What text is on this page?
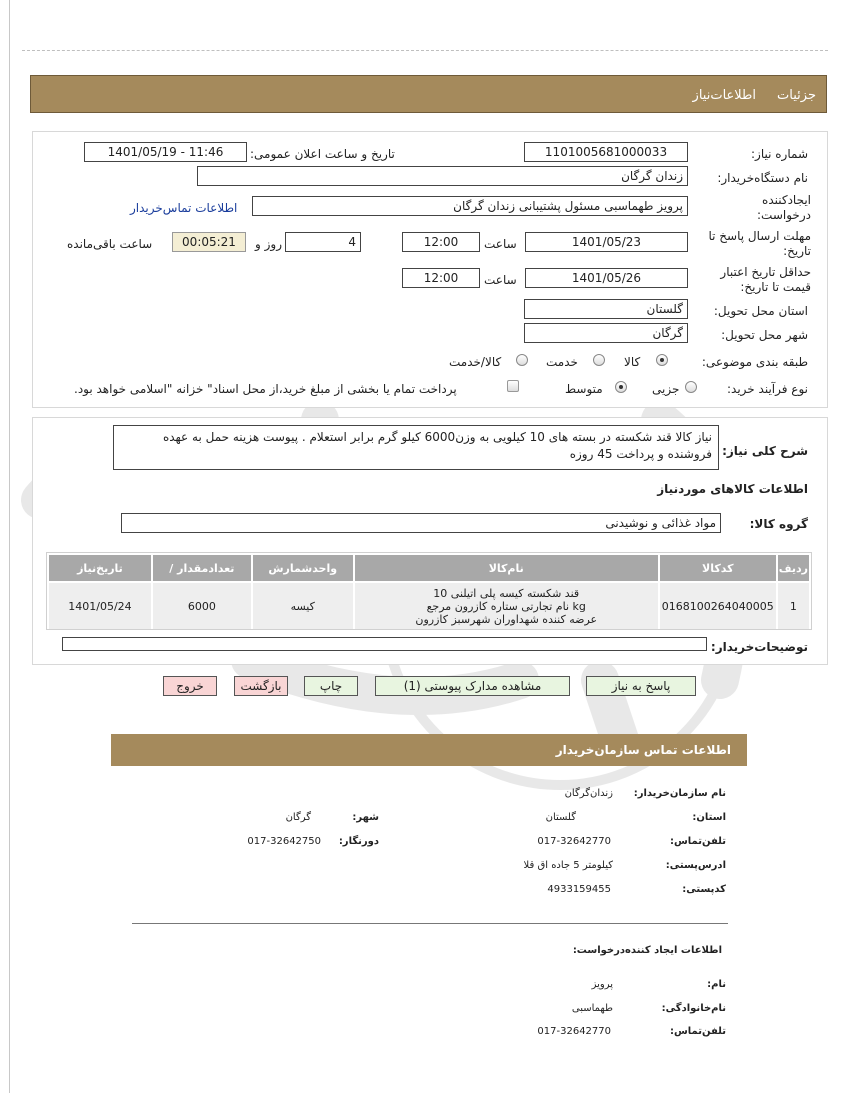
جزئیات
اطلاعات‌نیاز
شماره نیاز:
1101005681000033
تاریخ و ساعت اعلان عمومی:
1401/05/19 - 11:46
نام دستگاه‌خریدار:
زندان گرگان
ایجادکننده درخواست:
پرویز طهماسبی مسئول پشتیبانی زندان گرگان
اطلاعات تماس‌خریدار
مهلت ارسال پاسخ تا تاریخ:
1401/05/23
ساعت
12:00
4
روز و
00:05:21
ساعت باقی‌مانده
حداقل تاریخ اعتبار قیمت تا تاریخ:
1401/05/26
ساعت
12:00
استان محل تحویل:
گلستان
شهر محل تحویل:
گرگان
طبقه بندی موضوعی:
کالا
خدمت
کالا/خدمت
نوع فرآیند خرید:
جزیی
متوسط
پرداخت تمام یا بخشی از مبلغ خرید،از محل اسناد" خزانه "اسلامی خواهد بود.
شرح کلی نیاز:
نیاز کالا قند شکسته در بسته های 10 کیلویی به وزن6000 کیلو گرم برابر استعلام . پیوست هزینه حمل به عهده فروشنده و پرداخت 45 روزه
اطلاعات کالاهای مورد‌نیاز
گروه کالا:
مواد غذائی و نوشیدنی
ردیف	کدکالا	نام‌کالا	واحدشمارش	تعدادمقدار /	تاریخ‌نیاز
1	0168100264040005	قند شکسته کیسه پلی اتیلنی 10
kg نام تجارتی ستاره کازرون مرجع
عرضه کننده شهداوران شهرسبز کازرون	کیسه	6000	1401/05/24
توضیحات‌خریدار:
پاسخ به نیاز
مشاهده مدارک پیوستی (1)
چاپ
بازگشت
خروج
اطلاعات تماس سازمان‌خریدار
نام سازمان‌خریدار:
زندان‌گرگان
استان:
گلستان
شهر:
گرگان
تلفن‌تماس:
017-32642770
دورنگار:
017-32642750
ادرس‌پستی:
کیلومتر 5 جاده اق قلا
کد‌پستی:
4933159455
اطلاعات ایجاد کننده‌درخواست:
نام:
پرویز
نام‌خانوادگی:
طهماسبی
تلفن‌تماس:
017-32642770
